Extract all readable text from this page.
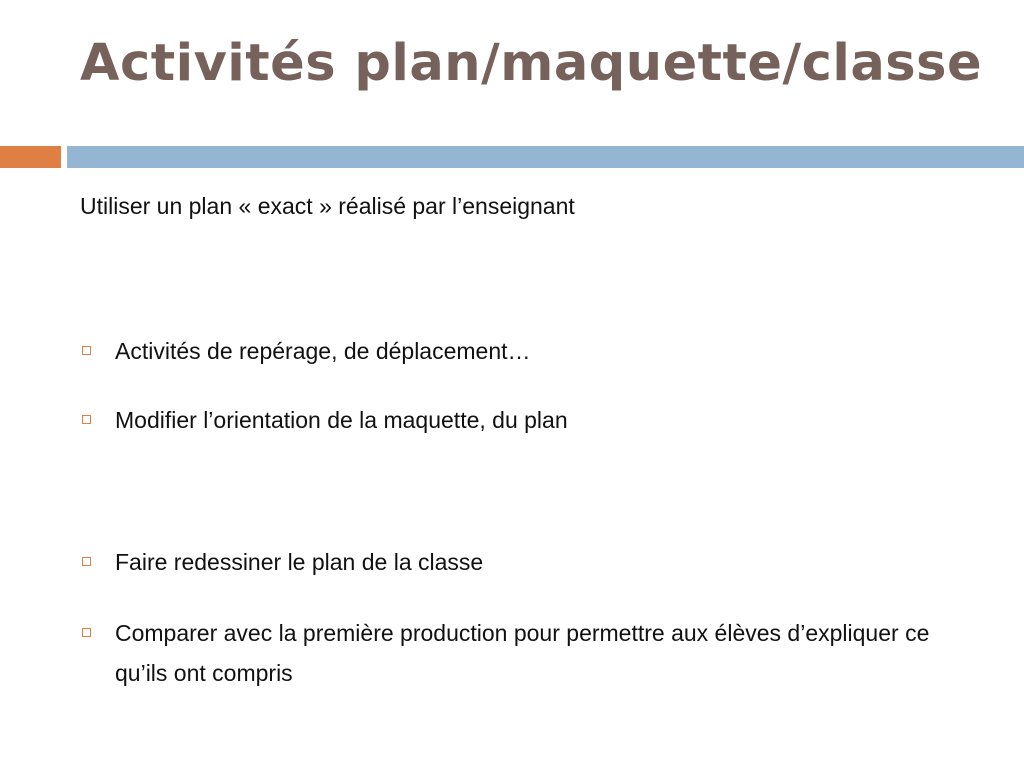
Activités plan/maquette/classe
Utiliser un plan « exact » réalisé par l’enseignant
Activités de repérage, de déplacement…
Modifier l’orientation de la maquette, du plan
Faire redessiner le plan de la classe
Comparer avec la première production pour permettre aux élèves d’expliquer ce qu’ils ont compris
